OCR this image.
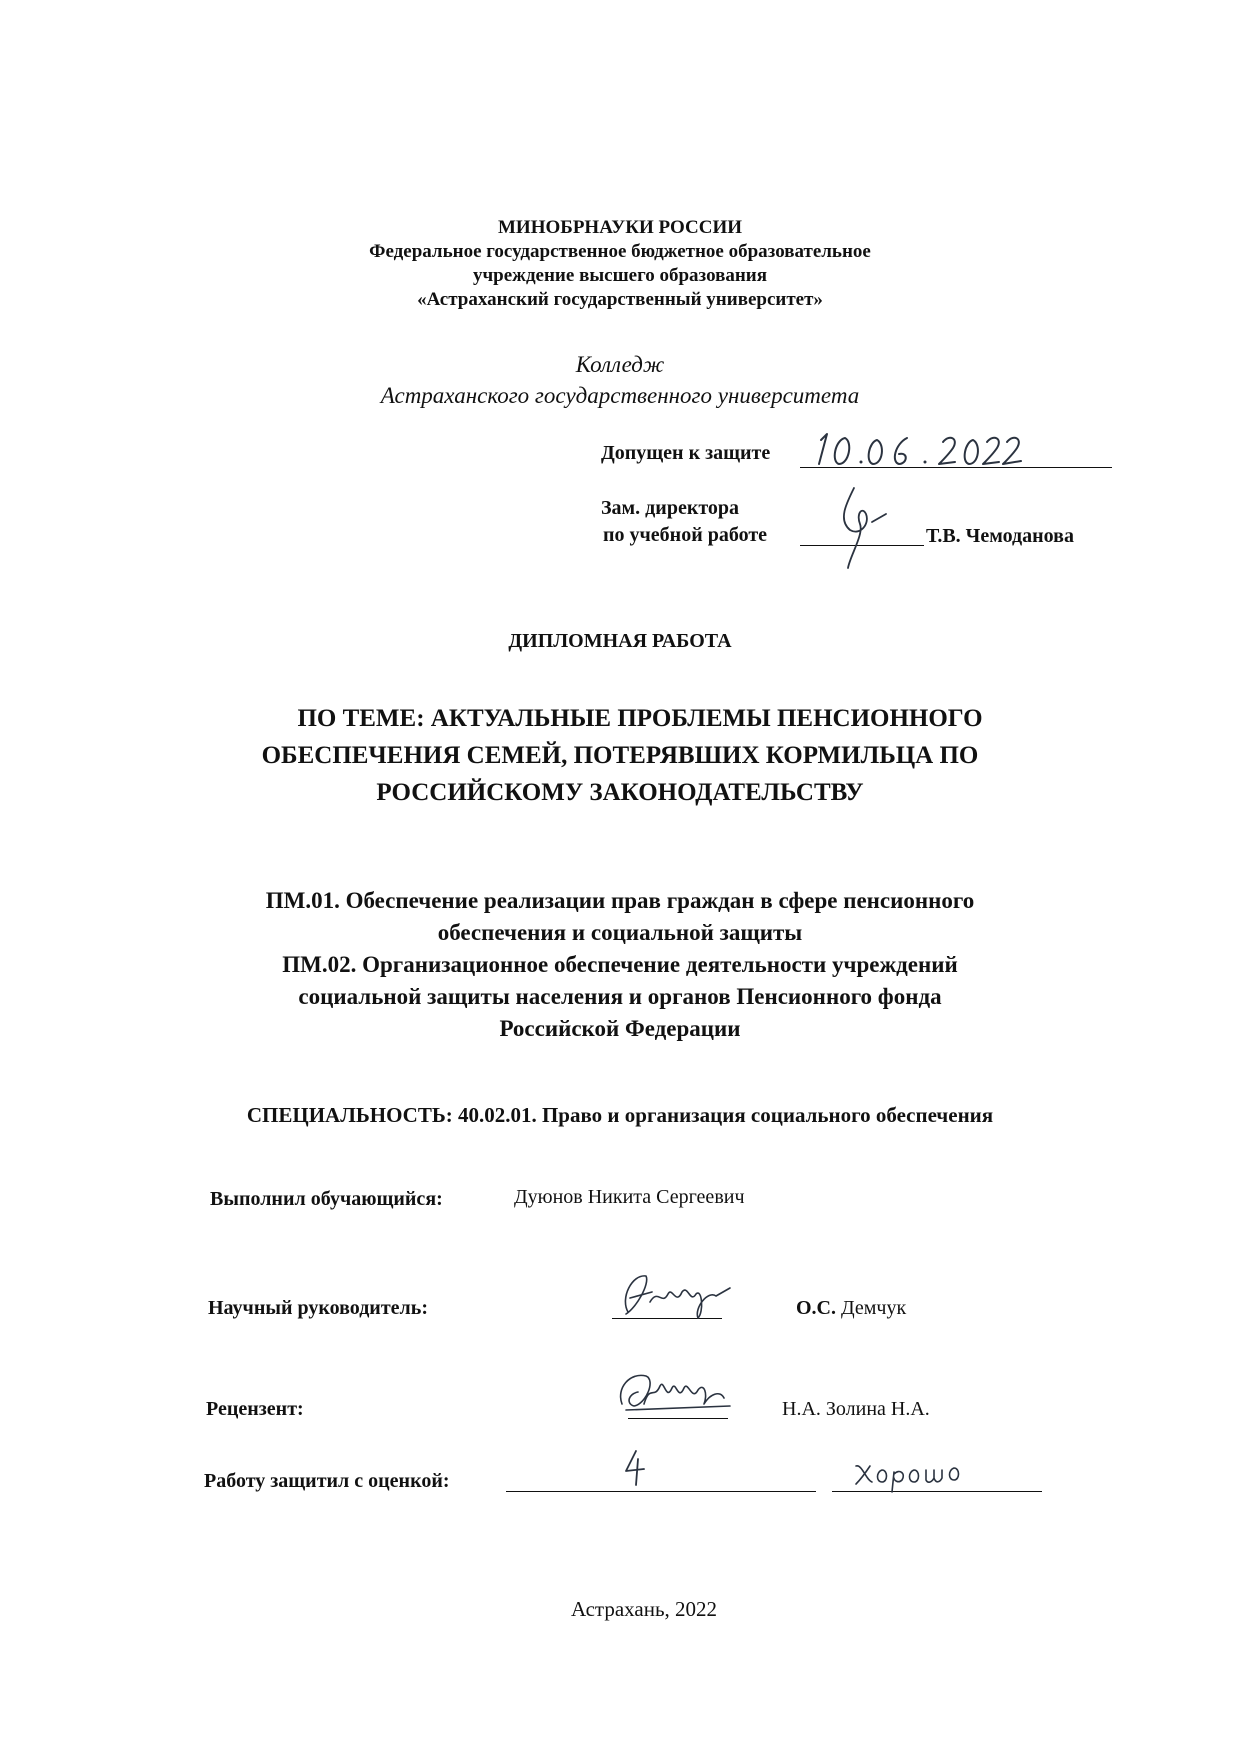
МИНОБРНАУКИ РОССИИ
Федеральное государственное бюджетное образовательное
учреждение высшего образования
«Астраханский государственный университет»
Колледж
Астраханского государственного университета
Допущен к защите
Зам. директора
по учебной работе	Т.В. Чемоданова
ДИПЛОМНАЯ РАБОТА
ПО ТЕМЕ: АКТУАЛЬНЫЕ ПРОБЛЕМЫ ПЕНСИОННОГО
ОБЕСПЕЧЕНИЯ СЕМЕЙ, ПОТЕРЯВШИХ КОРМИЛЬЦА ПО
РОССИЙСКОМУ ЗАКОНОДАТЕЛЬСТВУ
ПМ.01. Обеспечение реализации прав граждан в сфере пенсионного
обеспечения и социальной защиты
ПМ.02. Организационное обеспечение деятельности учреждений
социальной защиты населения и органов Пенсионного фонда
Российской Федерации
СПЕЦИАЛЬНОСТЬ: 40.02.01. Право и организация социального обеспечения
Выполнил обучающийся:	Дуюнов Никита Сергеевич
Научный руководитель:	О.С. Демчук
Рецензент:	Н.А. Золина Н.А.
Работу защитил с оценкой:
Астрахань, 2022
